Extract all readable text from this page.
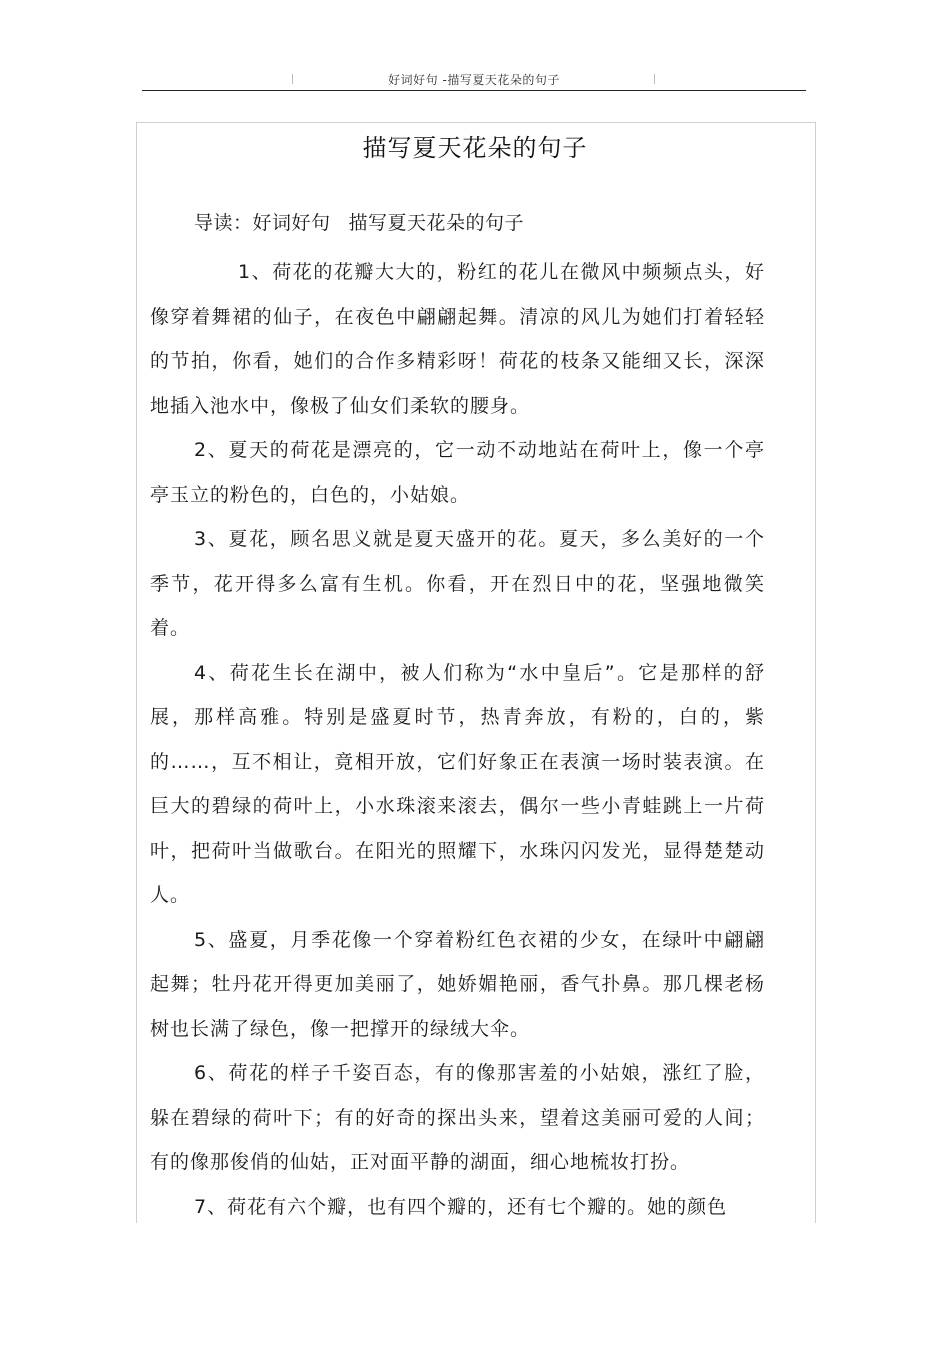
好词好句 -描写夏天花朵的句子
描写夏天花朵的句子
导读：好词好句 描写夏天花朵的句子

1、荷花的花瓣大大的，粉红的花儿在微风中频频点头，好像穿着舞裙的仙子，在夜色中翩翩起舞。清凉的风儿为她们打着轻轻的节拍，你看，她们的合作多精彩呀！荷花的枝条又能细又长，深深地插入池水中，像极了仙女们柔软的腰身。

2、夏天的荷花是漂亮的，它一动不动地站在荷叶上，像一个亭亭玉立的粉色的，白色的，小姑娘。

3、夏花，顾名思义就是夏天盛开的花。夏天，多么美好的一个季节，花开得多么富有生机。你看，开在烈日中的花，坚强地微笑着。

4、荷花生长在湖中，被人们称为“水中皇后”。它是那样的舒展，那样高雅。特别是盛夏时节，热青奔放，有粉的，白的，紫的……，互不相让，竟相开放，它们好象正在表演一场时装表演。在巨大的碧绿的荷叶上，小水珠滚来滚去，偶尔一些小青蛙跳上一片荷叶，把荷叶当做歌台。在阳光的照耀下，水珠闪闪发光，显得楚楚动人。

5、盛夏，月季花像一个穿着粉红色衣裙的少女，在绿叶中翩翩起舞；牡丹花开得更加美丽了，她娇媚艳丽，香气扑鼻。那几棵老杨树也长满了绿色，像一把撑开的绿绒大伞。

6、荷花的样子千姿百态，有的像那害羞的小姑娘，涨红了脸，躲在碧绿的荷叶下；有的好奇的探出头来，望着这美丽可爱的人间；有的像那俊俏的仙姑，正对面平静的湖面，细心地梳妆打扮。

7、荷花有六个瓣，也有四个瓣的，还有七个瓣的。她的颜色
